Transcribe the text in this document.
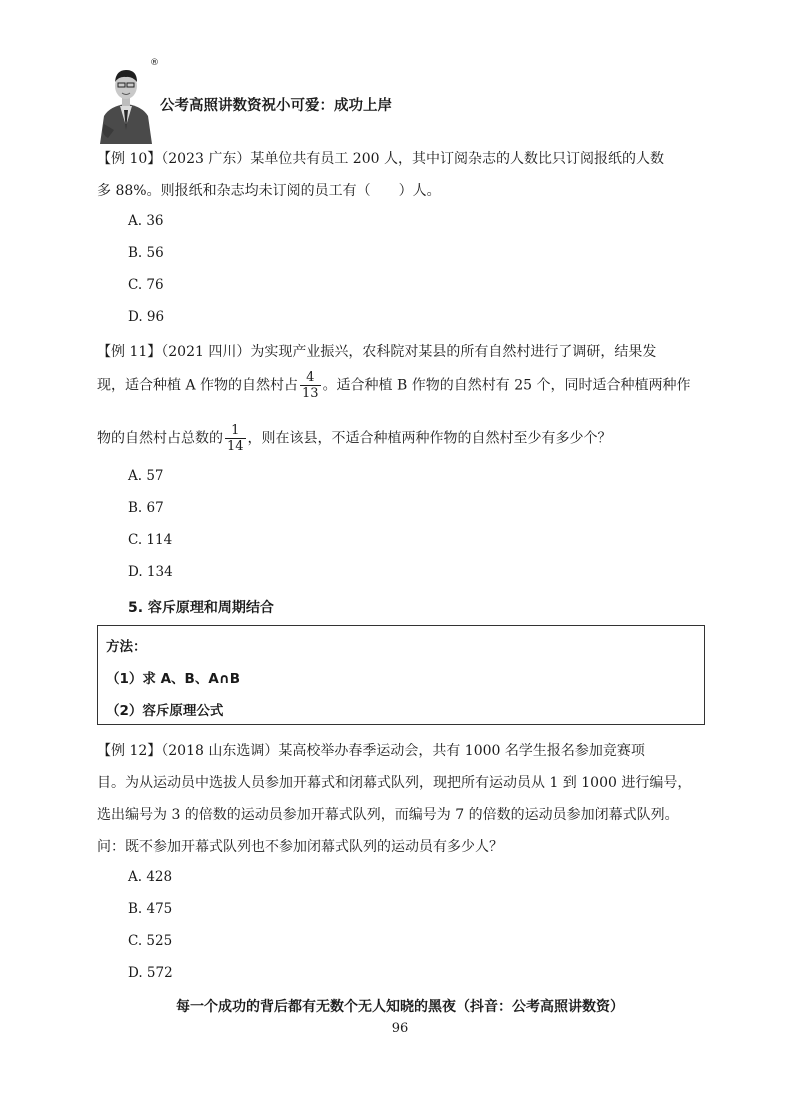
®
公考高照讲数资祝小可爱：成功上岸
【例 10】（2023 广东）某单位共有员工 200 人，其中订阅杂志的人数比只订阅报纸的人数
多 88%。则报纸和杂志均未订阅的员工有（　　）人。
A. 36
B. 56
C. 76
D. 96
【例 11】（2021 四川）为实现产业振兴，农科院对某县的所有自然村进行了调研，结果发
现，适合种植 A 作物的自然村占 $\frac{4}{13}$ 。适合种植 B 作物的自然村有 25 个，同时适合种植两种作
物的自然村占总数的 $\frac{1}{14}$ ，则在该县，不适合种植两种作物的自然村至少有多少个？
A. 57
B. 67
C. 114
D. 134
5. 容斥原理和周期结合
方法：
（1）求 A、B、A∩B
（2）容斥原理公式
【例 12】（2018 山东选调）某高校举办春季运动会，共有 1000 名学生报名参加竞赛项
目。为从运动员中选拔人员参加开幕式和闭幕式队列，现把所有运动员从 1 到 1000 进行编号，
选出编号为 3 的倍数的运动员参加开幕式队列，而编号为 7 的倍数的运动员参加闭幕式队列。
问：既不参加开幕式队列也不参加闭幕式队列的运动员有多少人？
A. 428
B. 475
C. 525
D. 572
每一个成功的背后都有无数个无人知晓的黑夜（抖音：公考高照讲数资）
96
